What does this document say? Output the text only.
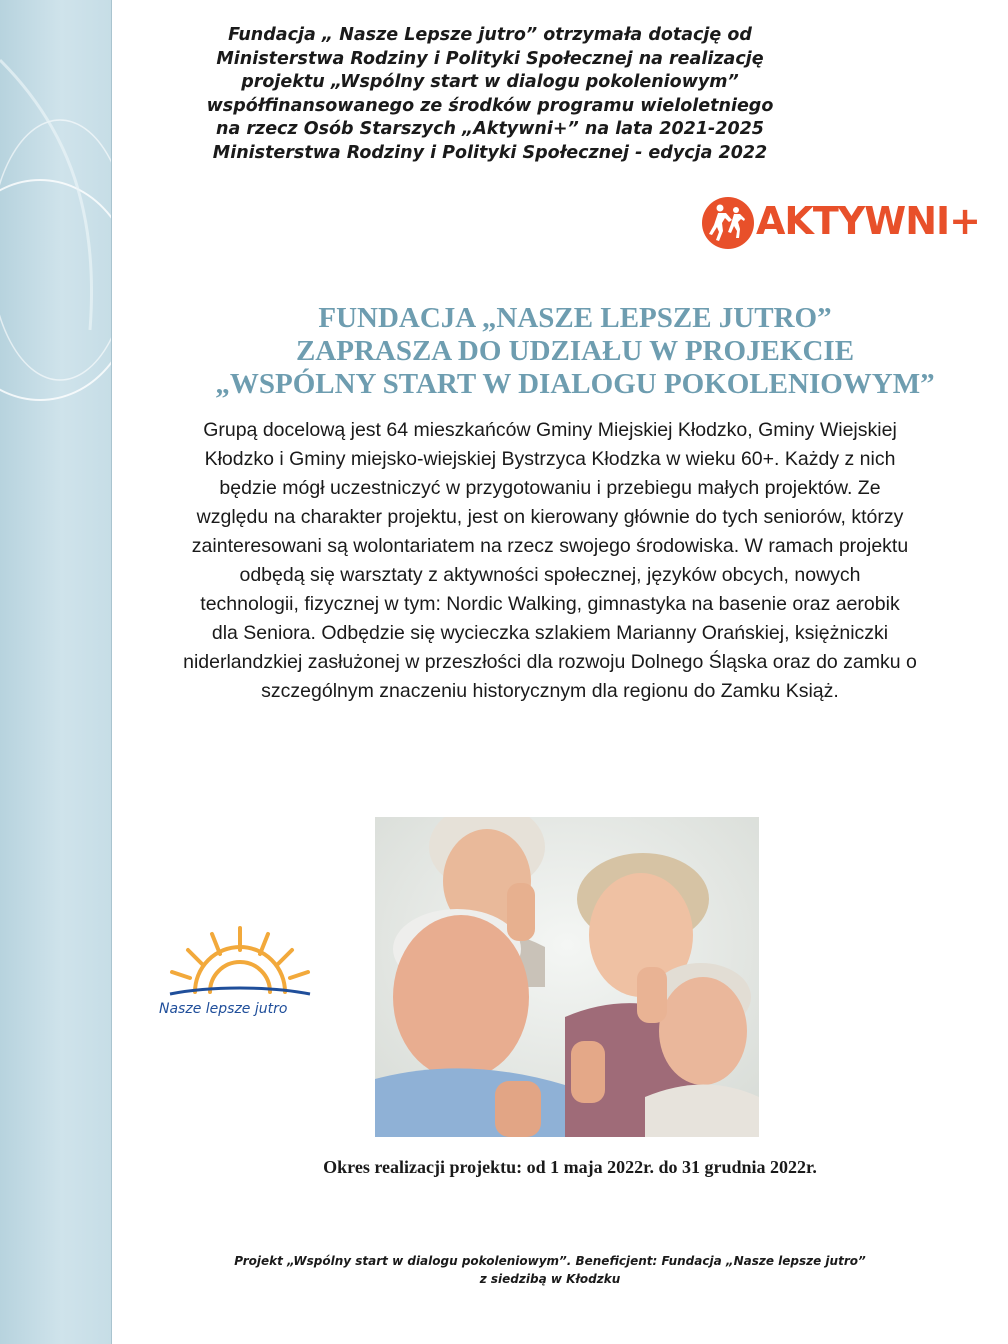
Fundacja „ Nasze Lepsze jutro” otrzymała dotację od
Ministerstwa Rodziny i Polityki Społecznej na realizację
projektu „Wspólny start w dialogu pokoleniowym”
współfinansowanego ze środków programu wieloletniego
na rzecz Osób Starszych „Aktywni+” na lata 2021-2025
Ministerstwa Rodziny i Polityki Społecznej - edycja 2022
AKTYWNI+
FUNDACJA „NASZE LEPSZE JUTRO”
ZAPRASZA DO UDZIAŁU W PROJEKCIE
„WSPÓLNY START W DIALOGU POKOLENIOWYM”
Grupą docelową jest 64 mieszkańców Gminy Miejskiej Kłodzko, Gminy Wiejskiej
Kłodzko i Gminy miejsko-wiejskiej Bystrzyca Kłodzka w wieku 60+. Każdy z nich
będzie mógł uczestniczyć w przygotowaniu i przebiegu małych projektów. Ze
względu na charakter projektu, jest on kierowany głównie do tych seniorów, którzy
zainteresowani są wolontariatem na rzecz swojego środowiska. W ramach projektu
odbędą się warsztaty z aktywności społecznej, języków obcych, nowych
technologii, fizycznej w tym: Nordic Walking, gimnastyka na basenie oraz aerobik
dla Seniora. Odbędzie się wycieczka szlakiem Marianny Orańskiej, księżniczki
niderlandzkiej zasłużonej w przeszłości dla rozwoju Dolnego Śląska oraz do zamku o
szczególnym znaczeniu historycznym dla regionu do Zamku Książ.
Nasze lepsze jutro
Okres realizacji projektu: od 1 maja 2022r. do 31 grudnia 2022r.
Projekt „Wspólny start w dialogu pokoleniowym”. Beneficjent: Fundacja „Nasze lepsze jutro”
z siedzibą w Kłodzku
